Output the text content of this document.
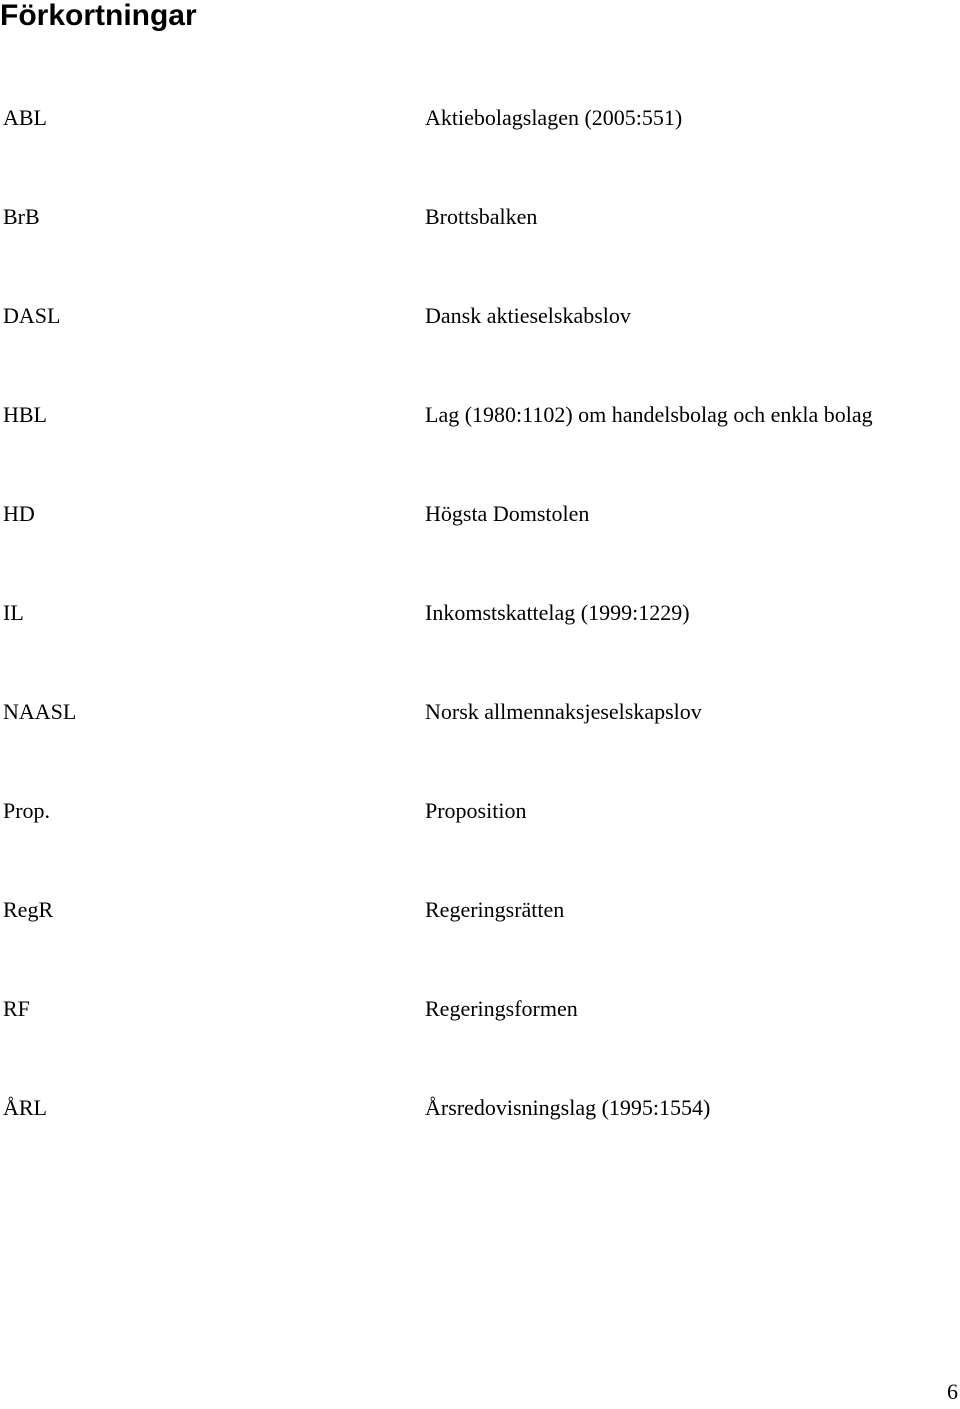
Förkortningar
ABL	Aktiebolagslagen (2005:551)
BrB	Brottsbalken
DASL	Dansk aktieselskabslov
HBL	Lag (1980:1102) om handelsbolag och enkla bolag
HD	Högsta Domstolen
IL	Inkomstskattelag (1999:1229)
NAASL	Norsk allmennaksjeselskapslov
Prop.	Proposition
RegR	Regeringsrätten
RF	Regeringsformen
ÅRL	Årsredovisningslag (1995:1554)
6
